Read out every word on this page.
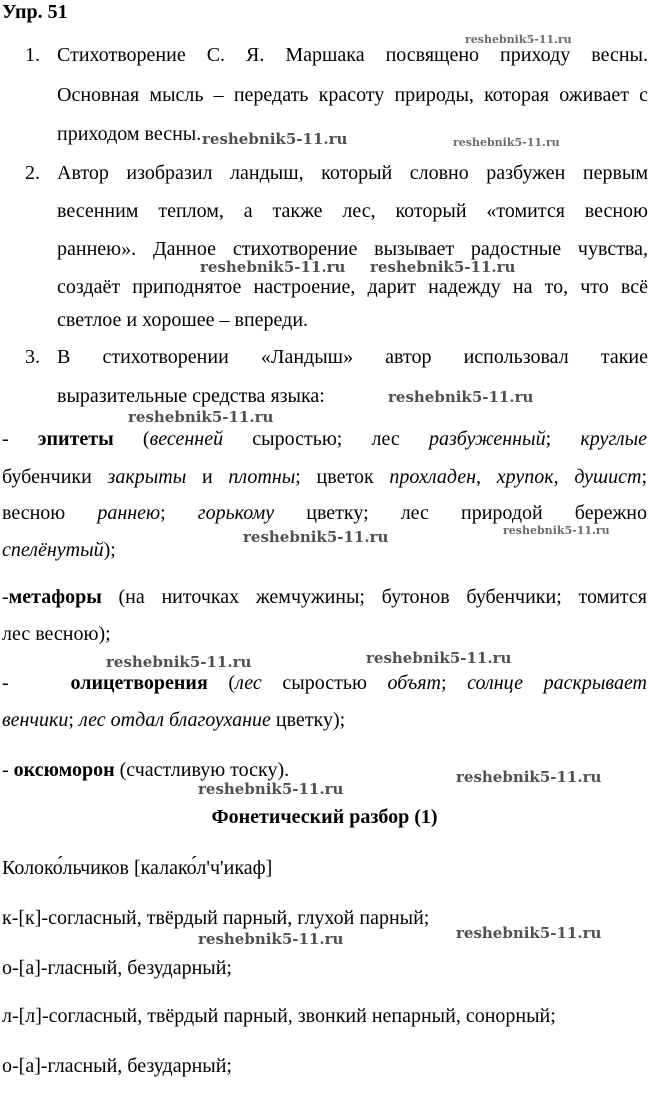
Упр. 51
1. Стихотворение С. Я. Маршака посвящено приходу весны.
Основная мысль – передать красоту природы, которая оживает с
приходом весны.
2. Автор изобразил ландыш, который словно разбужен первым
весенним теплом, а также лес, который «томится весною
раннею». Данное стихотворение вызывает радостные чувства,
создаёт приподнятое настроение, дарит надежду на то, что всё
светлое и хорошее – впереди.
3. В стихотворении «Ландыш» автор использовал такие
выразительные средства языка:
- эпитеты (весенней сыростью; лес разбуженный; круглые
бубенчики закрыты и плотны; цветок прохладен, хрупок, душист;
весною раннею; горькому цветку; лес природой бережно
спелёнутый);
-метафоры (на ниточках жемчужины; бутонов бубенчики; томится
лес весною);
-	олицетворения (лес сыростью объят; солнце раскрывает
венчики; лес отдал благоухание цветку);
- оксюморон (счастливую тоску).
Фонетический разбор (1)
Колоко́льчиков [калако́л'ч'икаф]
к-[к]-согласный, твёрдый парный, глухой парный;
о-[а]-гласный, безударный;
л-[л]-согласный, твёрдый парный, звонкий непарный, сонорный;
о-[а]-гласный, безударный;
reshebnik5-11.ru
reshebnik5-11.ru	reshebnik5-11.ru
reshebnik5-11.ru reshebnik5-11.ru
reshebnik5-11.ru
reshebnik5-11.ru
reshebnik5-11.ru	reshebnik5-11.ru
reshebnik5-11.ru	reshebnik5-11.ru
reshebnik5-11.ru
reshebnik5-11.ru
reshebnik5-11.ru	reshebnik5-11.ru
